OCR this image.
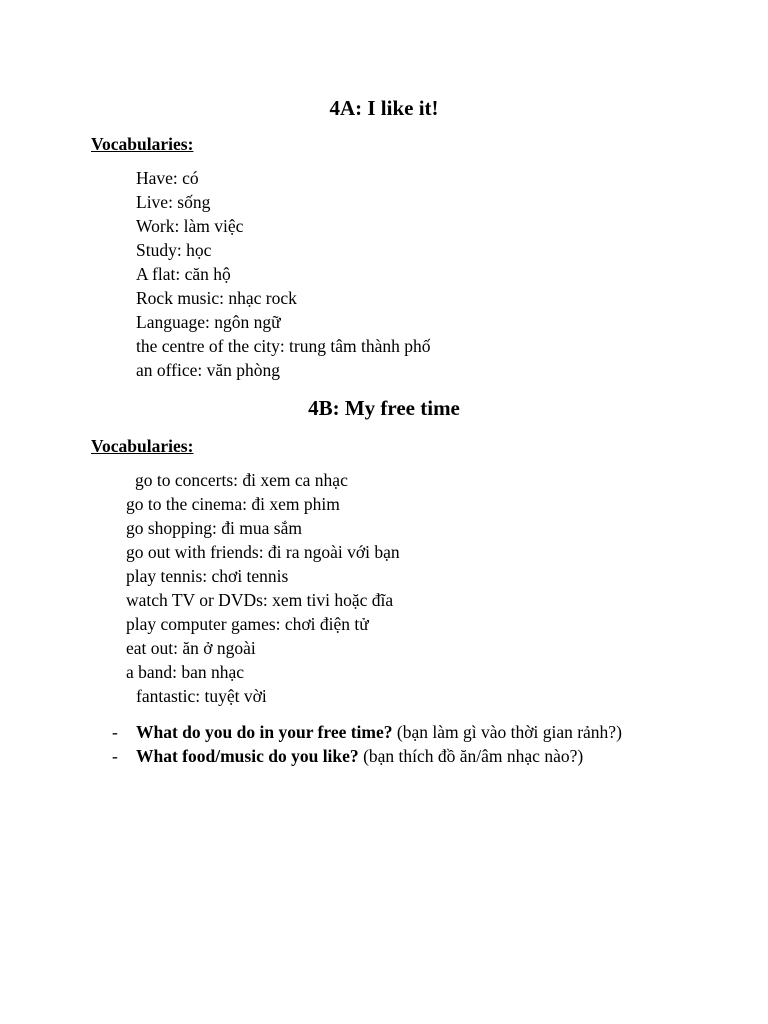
4A: I like it!
Vocabularies:
Have: có
Live: sống
Work: làm việc
Study: học
A flat: căn hộ
Rock music: nhạc rock
Language: ngôn ngữ
the centre of the city: trung tâm thành phố
an office: văn phòng
4B: My free time
Vocabularies:
go to concerts: đi xem ca nhạc
go to the cinema: đi xem phim
go shopping: đi mua sắm
go out with friends: đi ra ngoài với bạn
play tennis: chơi tennis
watch TV or DVDs: xem tivi hoặc đĩa
play computer games: chơi điện tử
eat out: ăn ở ngoài
a band: ban nhạc
fantastic: tuyệt vời
- What do you do in your free time? (bạn làm gì vào thời gian rảnh?)
- What food/music do you like? (bạn thích đồ ăn/âm nhạc nào?)
